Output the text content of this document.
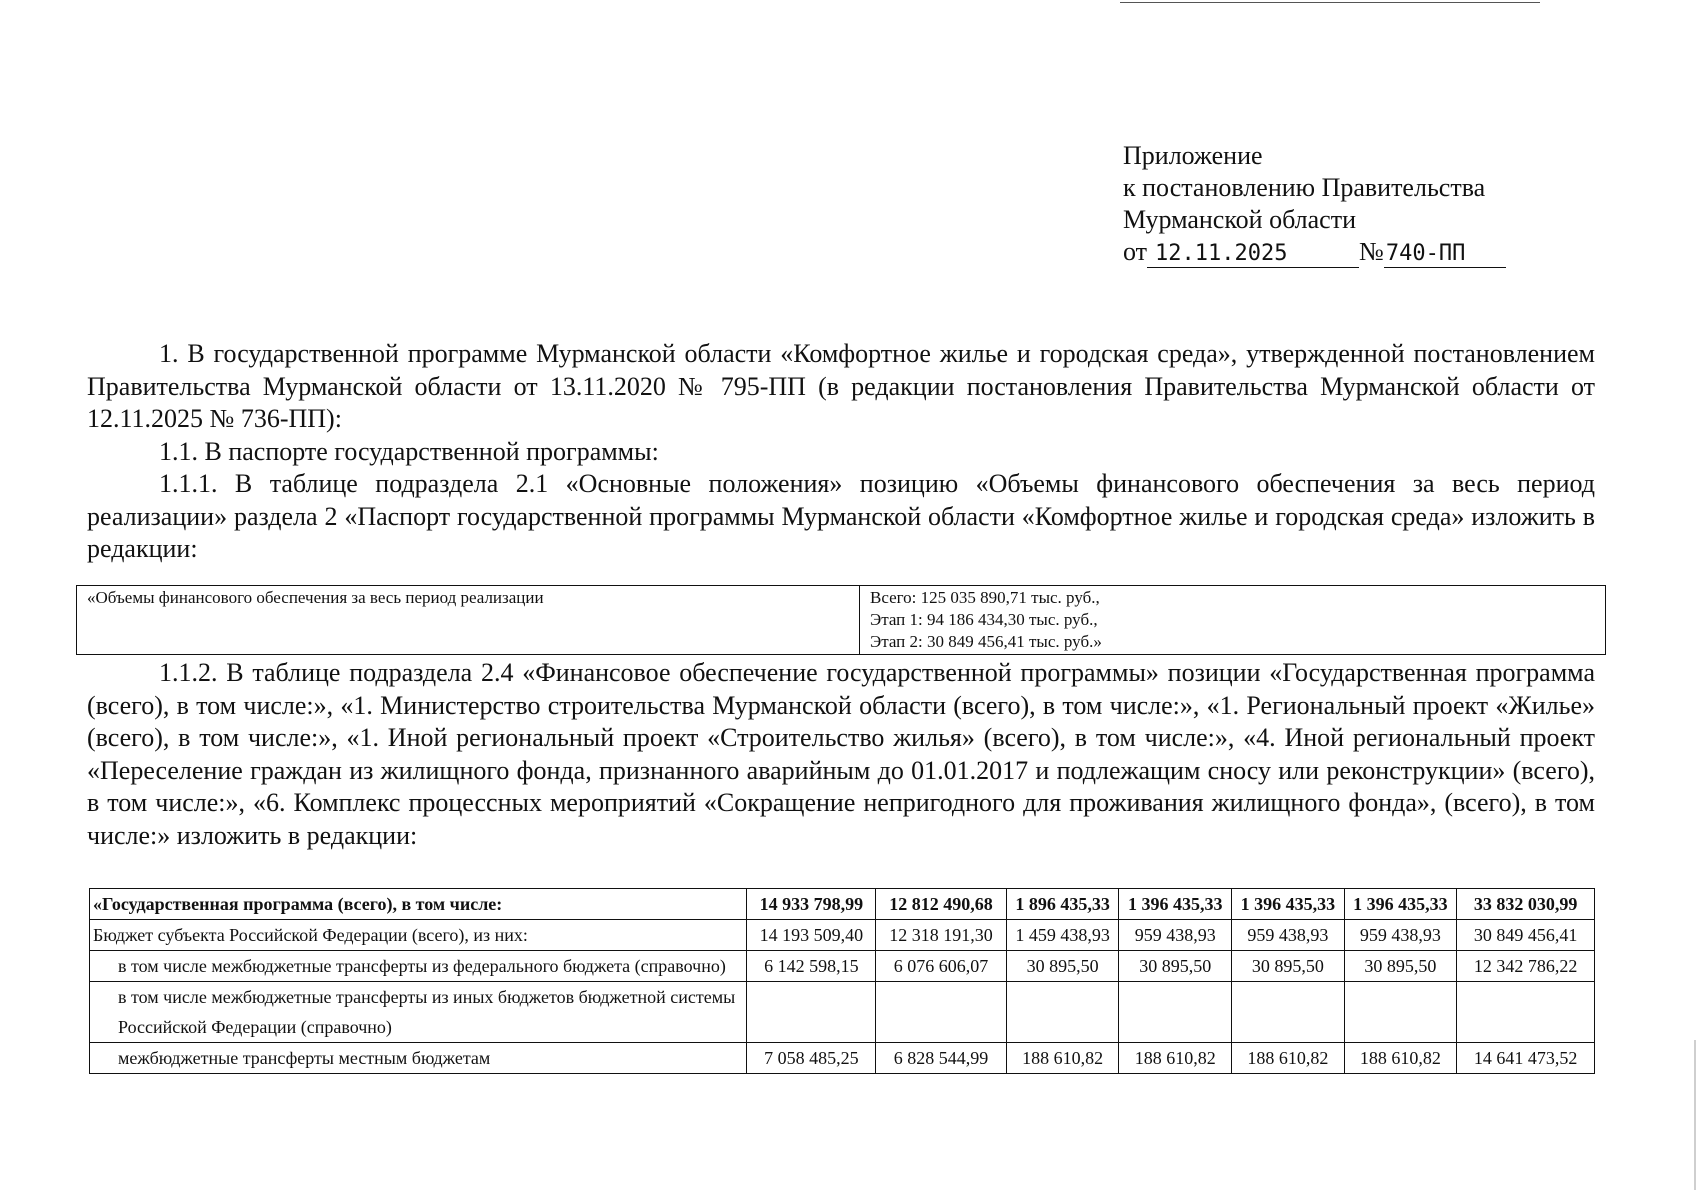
Приложение
к постановлению Правительства
Мурманской области
от 12.11.2025	№740-ПП

1. В государственной программе Мурманской области «Комфортное жилье и городская среда», утвержденной постановлением Правительства Мурманской области от 13.11.2020 № 795-ПП (в редакции постановления Правительства Мурманской области от 12.11.2025 № 736-ПП):

1.1. В паспорте государственной программы:

1.1.1. В таблице подраздела 2.1 «Основные положения» позицию «Объемы финансового обеспечения за весь период реализации» раздела 2 «Паспорт государственной программы Мурманской области «Комфортное жилье и городская среда» изложить в редакции:

«Объемы финансового обеспечения за весь период реализации	Всего: 125 035 890,71 тыс. руб.,
Этап 1: 94 186 434,30 тыс. руб.,
Этап 2: 30 849 456,41 тыс. руб.»

1.1.2. В таблице подраздела 2.4 «Финансовое обеспечение государственной программы» позиции «Государственная программа (всего), в том числе:», «1. Министерство строительства Мурманской области (всего), в том числе:», «1. Региональный проект «Жилье» (всего), в том числе:», «1. Иной региональный проект «Строительство жилья» (всего), в том числе:», «4. Иной региональный проект «Переселение граждан из жилищного фонда, признанного аварийным до 01.01.2017 и подлежащим сносу или реконструкции» (всего), в том числе:», «6. Комплекс процессных мероприятий «Сокращение непригодного для проживания жилищного фонда», (всего), в том числе:» изложить в редакции:

«Государственная программа (всего), в том числе:	14 933 798,99	12 812 490,68	1 896 435,33	1 396 435,33	1 396 435,33	1 396 435,33	33 832 030,99
Бюджет субъекта Российской Федерации (всего), из них:	14 193 509,40	12 318 191,30	1 459 438,93	959 438,93	959 438,93	959 438,93	30 849 456,41
в том числе межбюджетные трансферты из федерального бюджета (справочно)	6 142 598,15	6 076 606,07	30 895,50	30 895,50	30 895,50	30 895,50	12 342 786,22
в том числе межбюджетные трансферты из иных бюджетов бюджетной системы Российской Федерации (справочно)							
межбюджетные трансферты местным бюджетам	7 058 485,25	6 828 544,99	188 610,82	188 610,82	188 610,82	188 610,82	14 641 473,52
